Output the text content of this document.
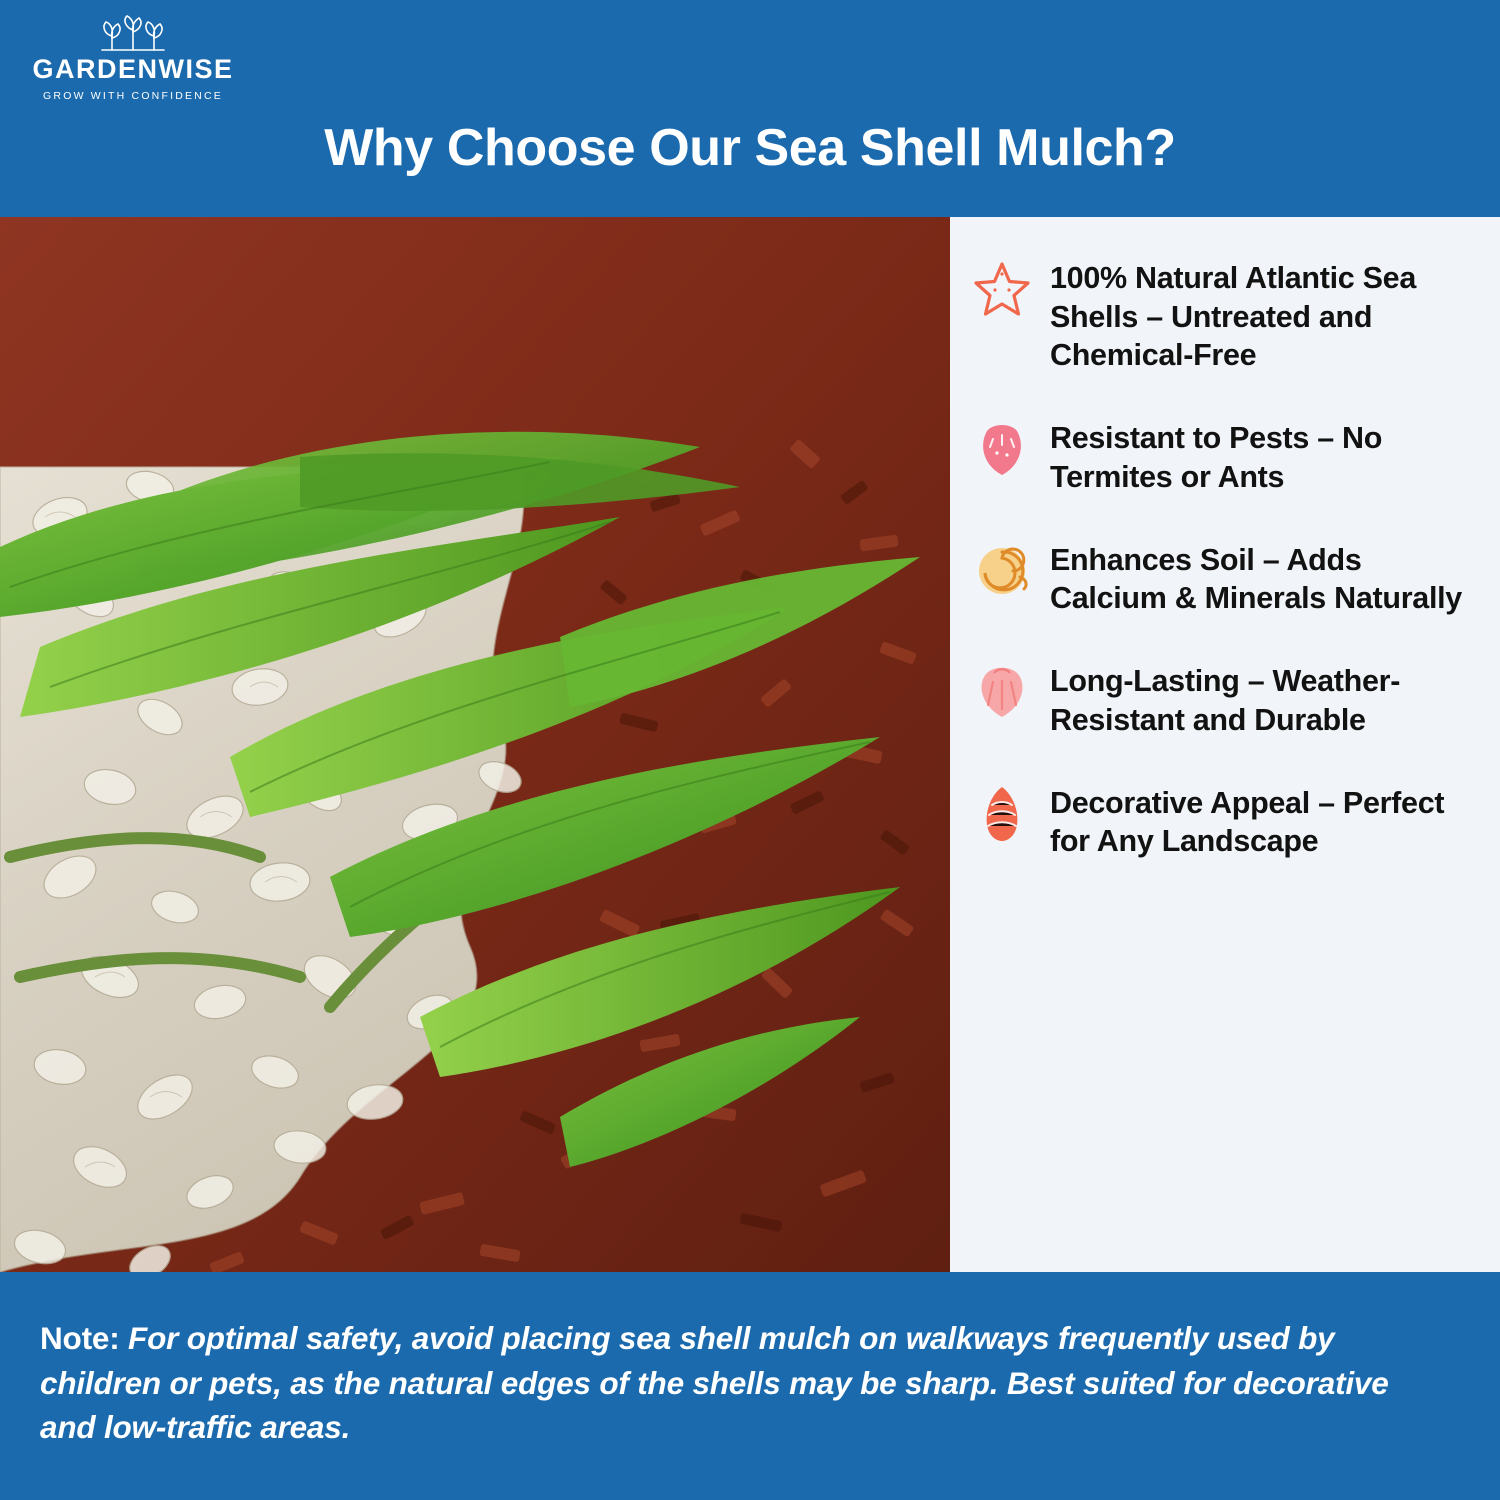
GARDENWISE
GROW WITH CONFIDENCE
Why Choose Our Sea Shell Mulch?
100% Natural Atlantic Sea Shells – Untreated and Chemical-Free
Resistant to Pests – No Termites or Ants
Enhances Soil – Adds Calcium & Minerals Naturally
Long-Lasting – Weather-Resistant and Durable
Decorative Appeal – Perfect for Any Landscape
Note: For optimal safety, avoid placing sea shell mulch on walkways frequently used by children or pets, as the natural edges of the shells may be sharp. Best suited for decorative and low-traffic areas.
